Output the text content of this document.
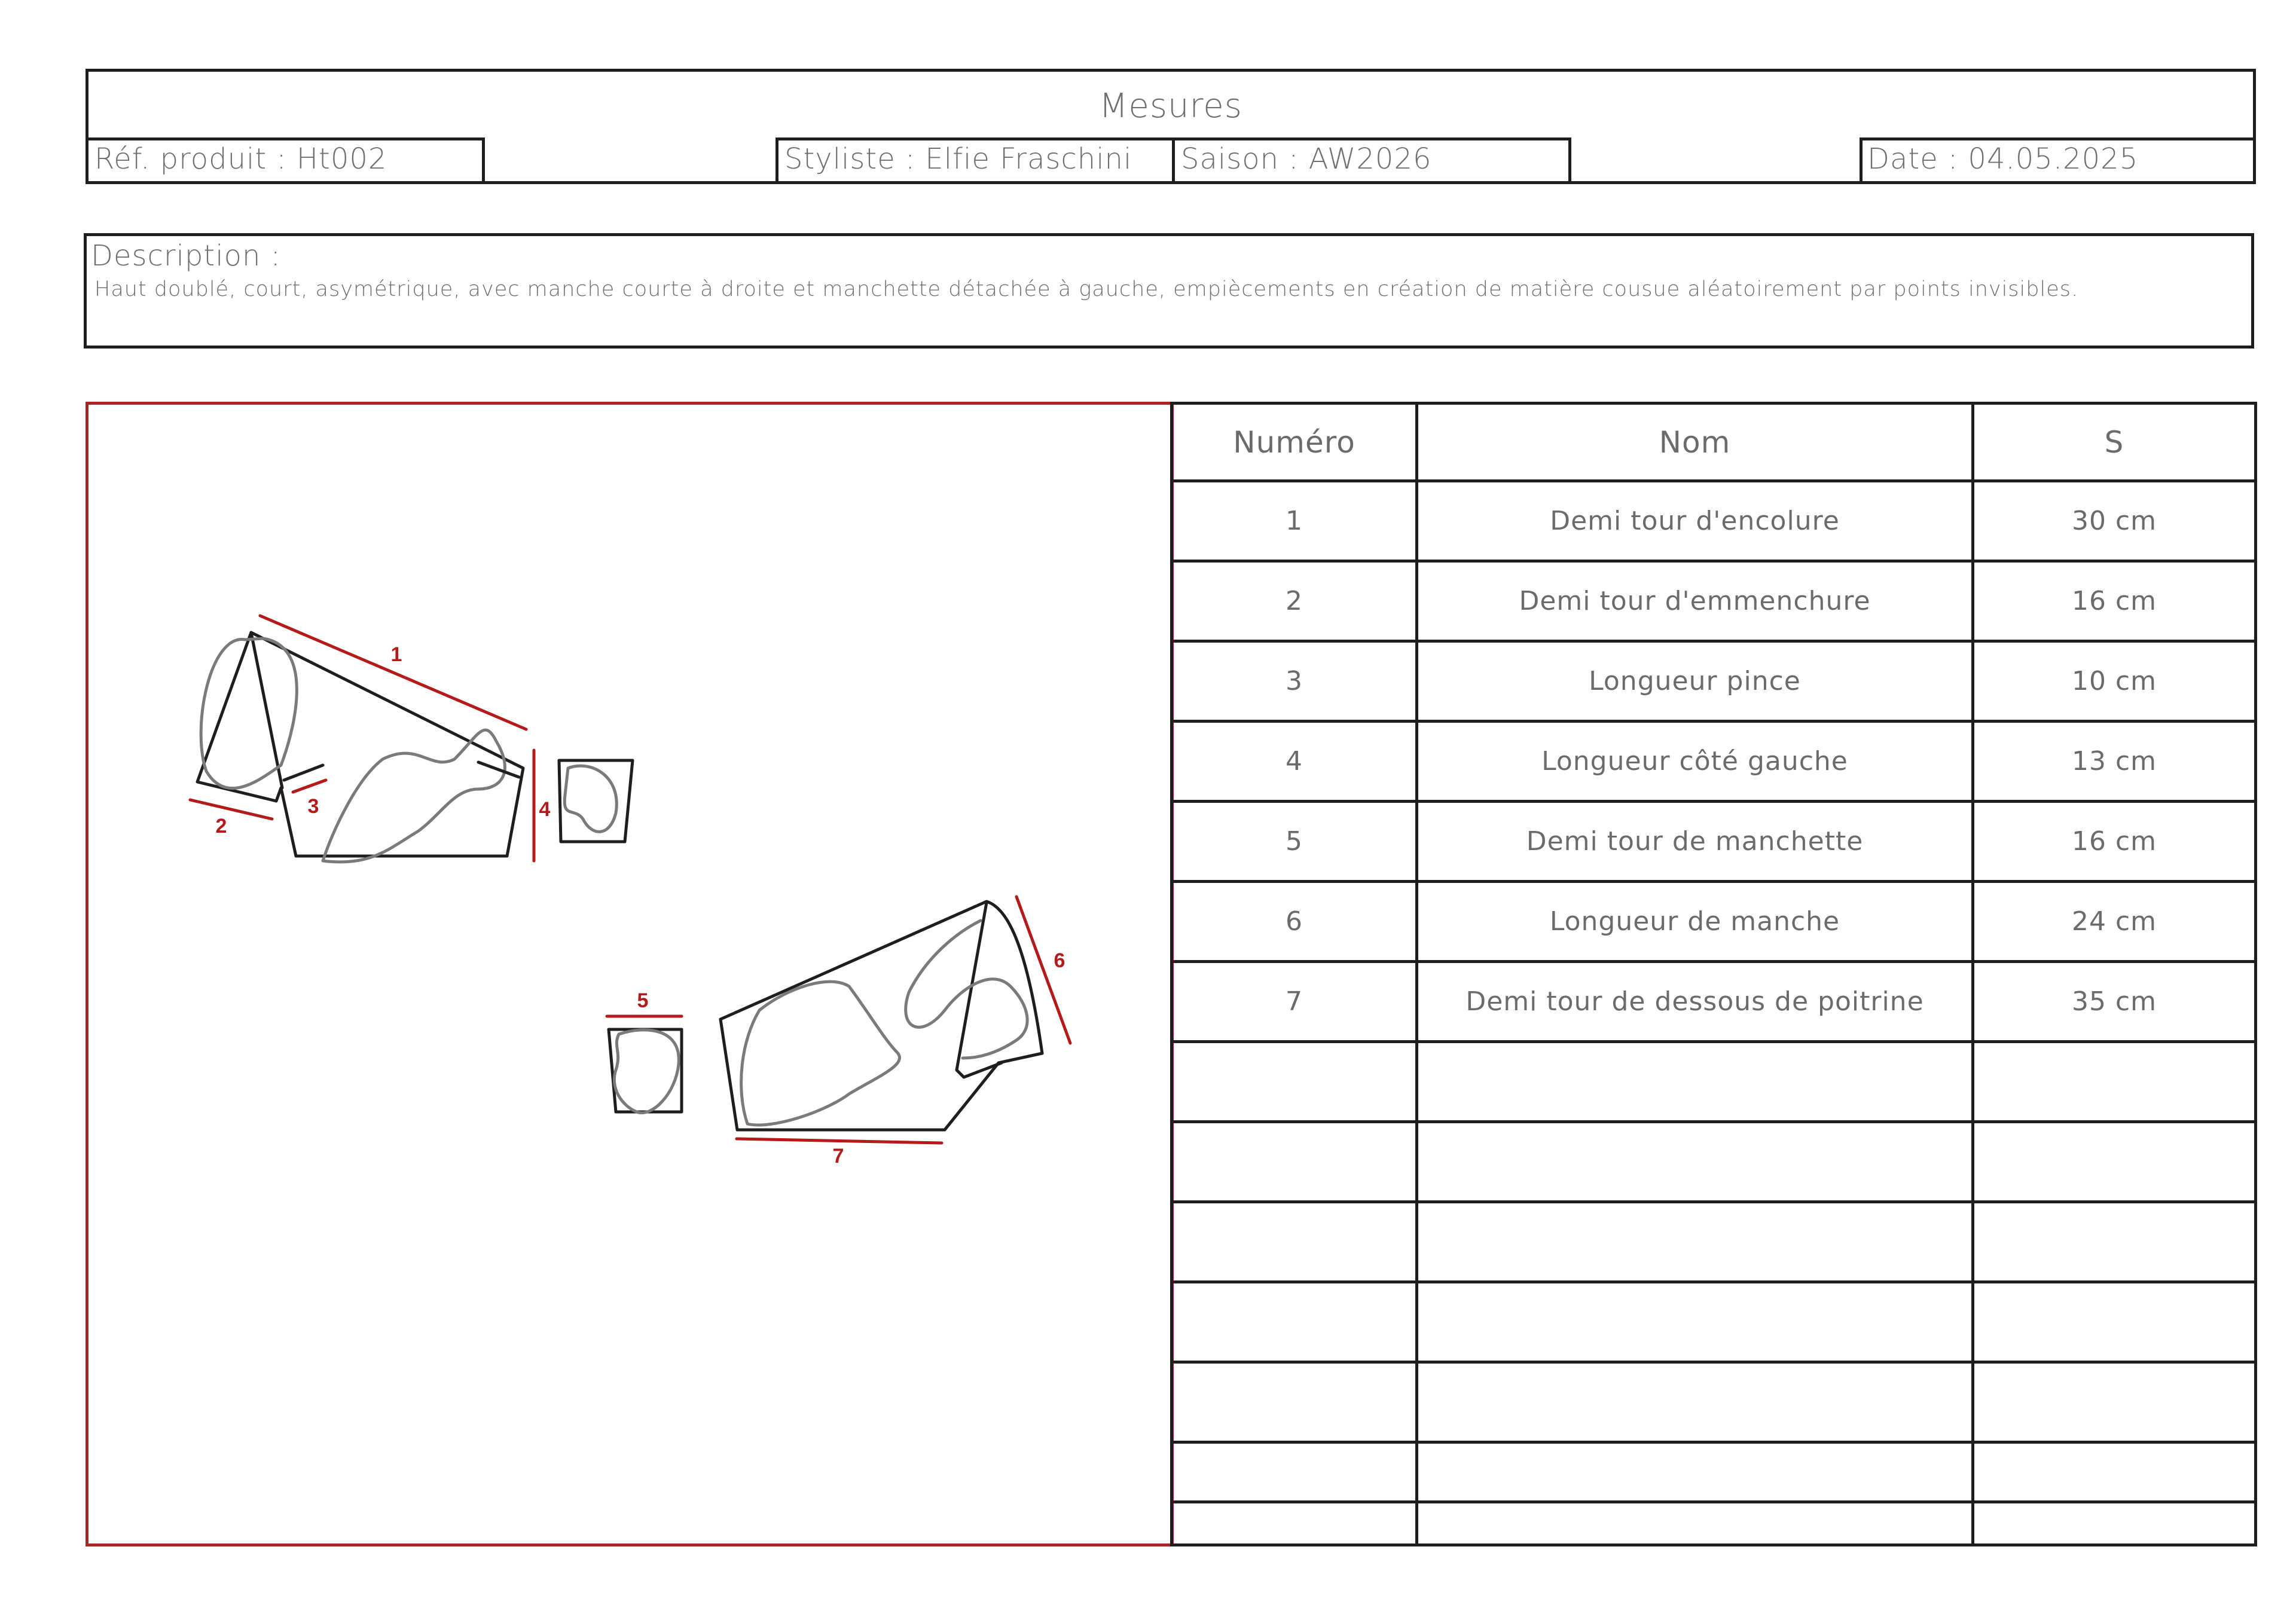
Mesures
Réf. produit : Ht002	Styliste : Elfie Fraschini Saison : AW2026	Date : 04.05.2025
Description :
Haut doublé, court, asymétrique, avec manche courte à droite et manchette détachée à gauche, empiècements en création de matière cousue aléatoirement par points invisibles.
1
2
3	4
5
6
7
Numéro	Nom	S
1	Demi tour d'encolure	30 cm
2	Demi tour d'emmenchure	16 cm
3	Longueur pince	10 cm
4	Longueur côté gauche	13 cm
5	Demi tour de manchette	16 cm
6	Longueur de manche	24 cm
7	Demi tour de dessous de poitrine	35 cm
